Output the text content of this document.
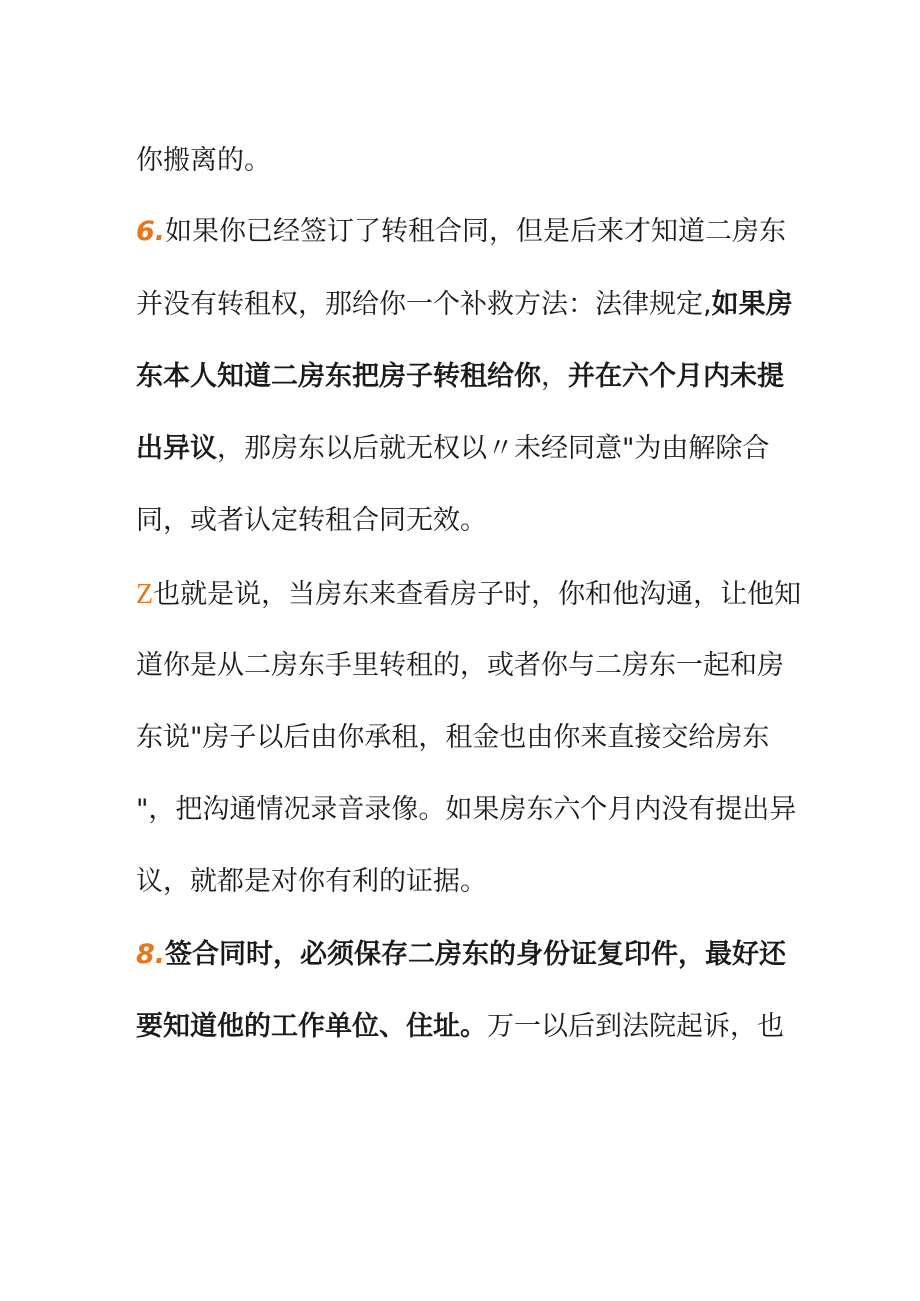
你搬离的。
6.如果你已经签订了转租合同，但是后来才知道二房东
并没有转租权，那给你一个补救方法：法律规定,如果房
东本人知道二房东把房子转租给你，并在六个月内未提
出异议，那房东以后就无权以〃未经同意"为由解除合
同，或者认定转租合同无效。
Z也就是说，当房东来查看房子时，你和他沟通，让他知
道你是从二房东手里转租的，或者你与二房东一起和房
东说"房子以后由你承租，租金也由你来直接交给房东
"，把沟通情况录音录像。如果房东六个月内没有提出异
议，就都是对你有利的证据。
8.签合同时，必须保存二房东的身份证复印件，最好还
要知道他的工作单位、住址。万一以后到法院起诉，也
